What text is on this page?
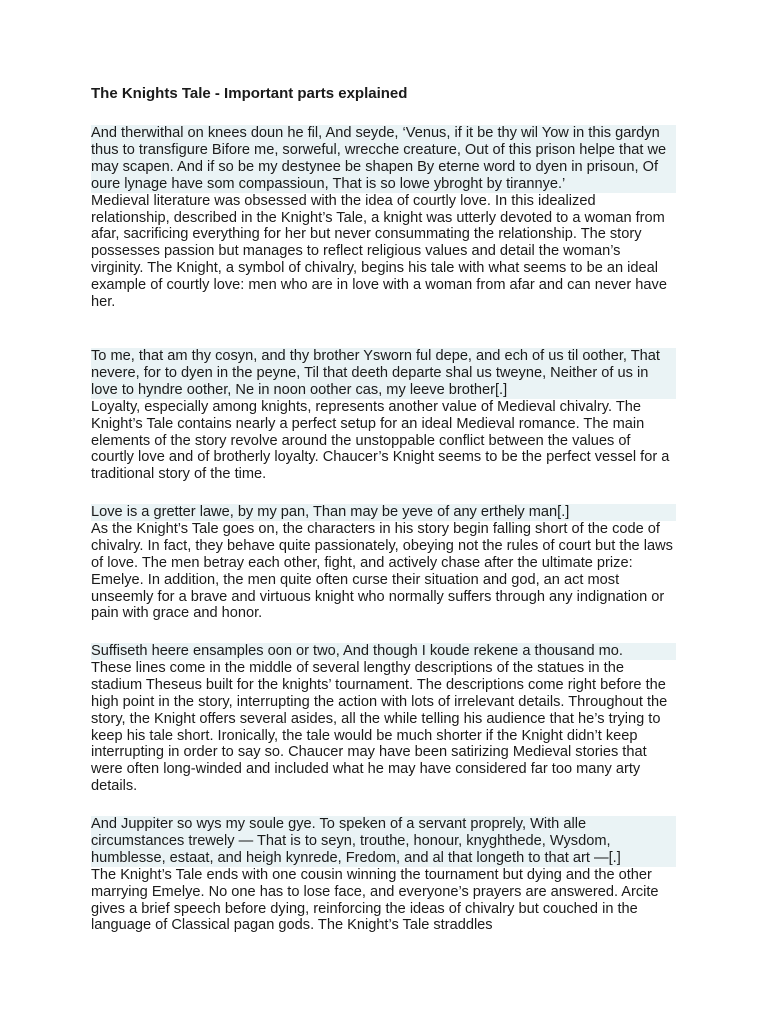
The Knights Tale - Important parts explained

And therwithal on knees doun he fil, And seyde, ‘Venus, if it be thy wil Yow in this gardyn thus to transfigure Bifore me, sorweful, wrecche creature, Out of this prison helpe that we may scapen. And if so be my destynee be shapen By eterne word to dyen in prisoun, Of oure lynage have som compassioun, That is so lowe ybroght by tirannye.’

Medieval literature was obsessed with the idea of courtly love. In this idealized relationship, described in the Knight’s Tale, a knight was utterly devoted to a woman from afar, sacrificing everything for her but never consummating the relationship. The story possesses passion but manages to reflect religious values and detail the woman’s virginity. The Knight, a symbol of chivalry, begins his tale with what seems to be an ideal example of courtly love: men who are in love with a woman from afar and can never have her.

To me, that am thy cosyn, and thy brother Ysworn ful depe, and ech of us til oother, That nevere, for to dyen in the peyne, Til that deeth departe shal us tweyne, Neither of us in love to hyndre oother, Ne in noon oother cas, my leeve brother[.]

Loyalty, especially among knights, represents another value of Medieval chivalry. The Knight’s Tale contains nearly a perfect setup for an ideal Medieval romance. The main elements of the story revolve around the unstoppable conflict between the values of courtly love and of brotherly loyalty. Chaucer’s Knight seems to be the perfect vessel for a traditional story of the time.

Love is a gretter lawe, by my pan, Than may be yeve of any erthely man[.]

As the Knight’s Tale goes on, the characters in his story begin falling short of the code of chivalry. In fact, they behave quite passionately, obeying not the rules of court but the laws of love. The men betray each other, fight, and actively chase after the ultimate prize: Emelye. In addition, the men quite often curse their situation and god, an act most unseemly for a brave and virtuous knight who normally suffers through any indignation or pain with grace and honor.

Suffiseth heere ensamples oon or two, And though I koude rekene a thousand mo.

These lines come in the middle of several lengthy descriptions of the statues in the stadium Theseus built for the knights’ tournament. The descriptions come right before the high point in the story, interrupting the action with lots of irrelevant details. Throughout the story, the Knight offers several asides, all the while telling his audience that he’s trying to keep his tale short. Ironically, the tale would be much shorter if the Knight didn’t keep interrupting in order to say so. Chaucer may have been satirizing Medieval stories that were often long-winded and included what he may have considered far too many arty details.

And Juppiter so wys my soule gye. To speken of a servant proprely, With alle circumstances trewely — That is to seyn, trouthe, honour, knyghthede, Wysdom, humblesse, estaat, and heigh kynrede, Fredom, and al that longeth to that art —[.]

The Knight’s Tale ends with one cousin winning the tournament but dying and the other marrying Emelye. No one has to lose face, and everyone’s prayers are answered. Arcite gives a brief speech before dying, reinforcing the ideas of chivalry but couched in the language of Classical pagan gods. The Knight’s Tale straddles
